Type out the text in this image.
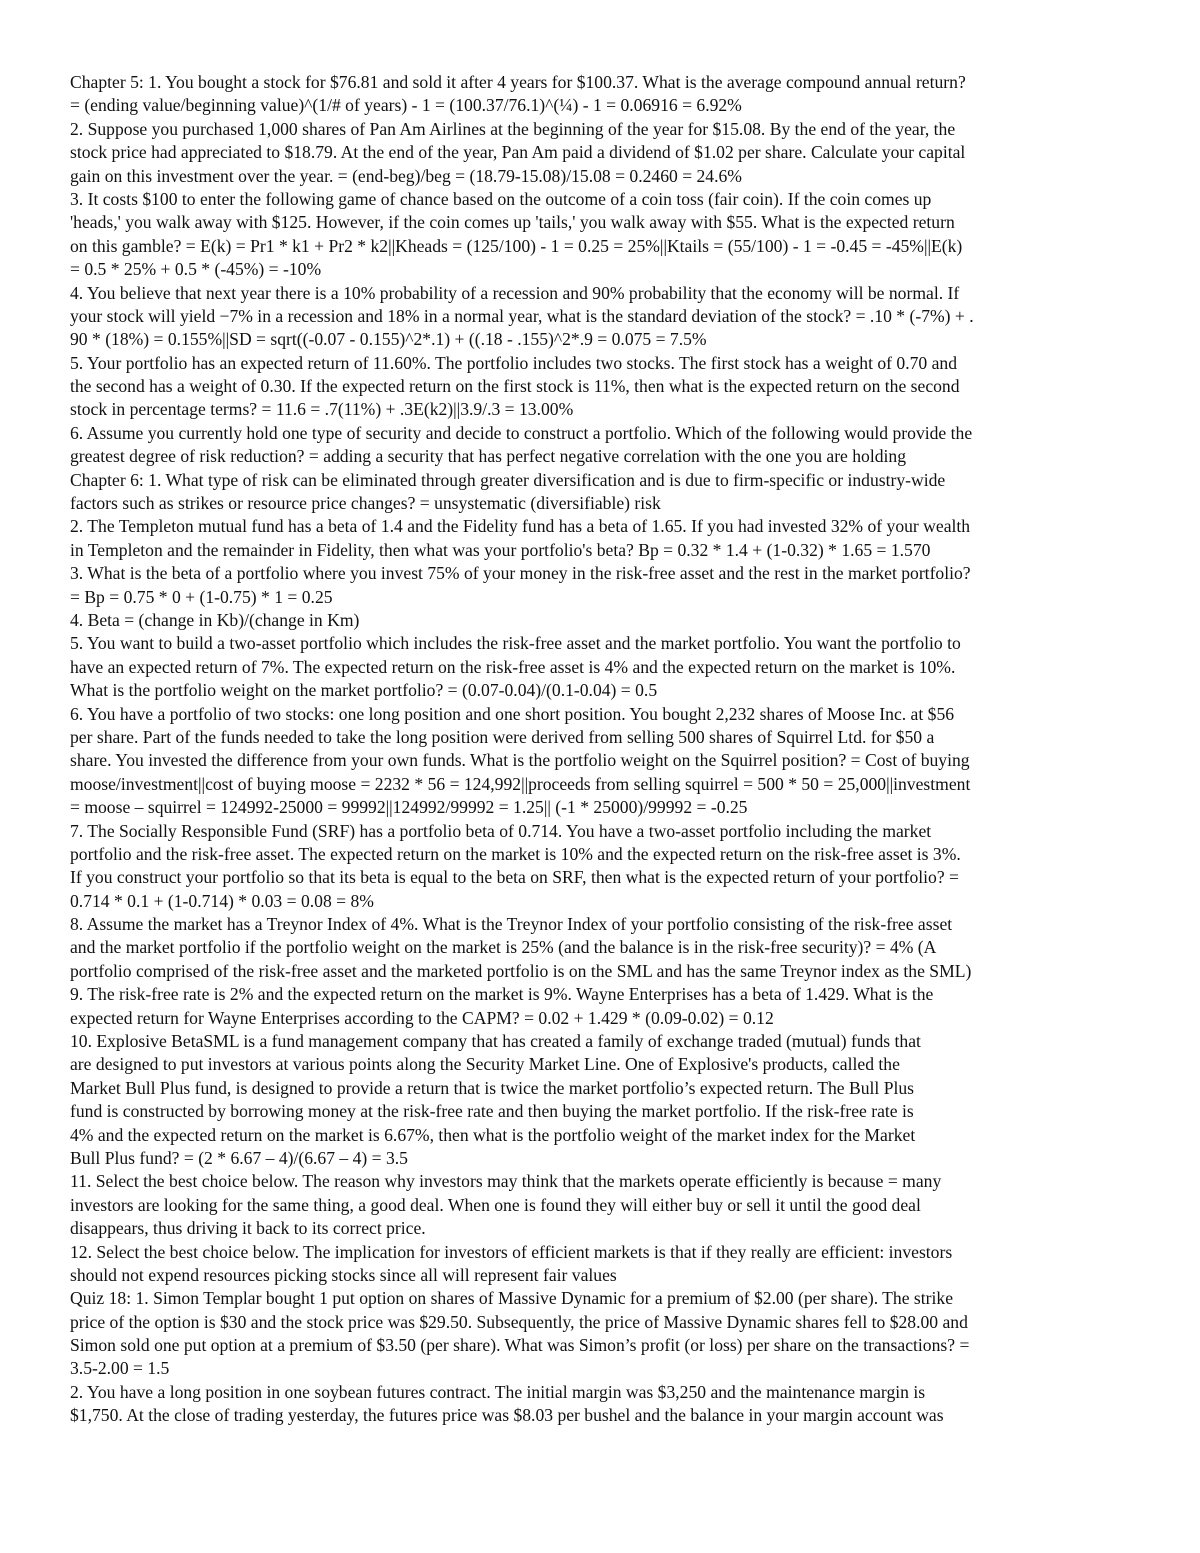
Chapter 5: 1. You bought a stock for $76.81 and sold it after 4 years for $100.37. What is the average compound annual return?
= (ending value/beginning value)^(1/# of years) - 1 = (100.37/76.1)^(¼) - 1 = 0.06916 = 6.92%
2. Suppose you purchased 1,000 shares of Pan Am Airlines at the beginning of the year for $15.08. By the end of the year, the
stock price had appreciated to $18.79. At the end of the year, Pan Am paid a dividend of $1.02 per share. Calculate your capital
gain on this investment over the year. = (end-beg)/beg = (18.79-15.08)/15.08 = 0.2460 = 24.6%
3. It costs $100 to enter the following game of chance based on the outcome of a coin toss (fair coin). If the coin comes up
'heads,' you walk away with $125. However, if the coin comes up 'tails,' you walk away with $55. What is the expected return
on this gamble? = E(k) = Pr1 * k1 + Pr2 * k2||Kheads = (125/100) - 1 = 0.25 = 25%||Ktails = (55/100) - 1 = -0.45 = -45%||E(k)
= 0.5 * 25% + 0.5 * (-45%) = -10%
4. You believe that next year there is a 10% probability of a recession and 90% probability that the economy will be normal. If
your stock will yield −7% in a recession and 18% in a normal year, what is the standard deviation of the stock? = .10 * (-7%) + .
90 * (18%) = 0.155%||SD = sqrt((-0.07 - 0.155)^2*.1) + ((.18 - .155)^2*.9 = 0.075 = 7.5%
5. Your portfolio has an expected return of 11.60%. The portfolio includes two stocks. The first stock has a weight of 0.70 and
the second has a weight of 0.30. If the expected return on the first stock is 11%, then what is the expected return on the second
stock in percentage terms? = 11.6 = .7(11%) + .3E(k2)||3.9/.3 = 13.00%
6. Assume you currently hold one type of security and decide to construct a portfolio. Which of the following would provide the
greatest degree of risk reduction? = adding a security that has perfect negative correlation with the one you are holding
Chapter 6: 1. What type of risk can be eliminated through greater diversification and is due to firm-specific or industry-wide
factors such as strikes or resource price changes? = unsystematic (diversifiable) risk
2. The Templeton mutual fund has a beta of 1.4 and the Fidelity fund has a beta of 1.65. If you had invested 32% of your wealth
in Templeton and the remainder in Fidelity, then what was your portfolio's beta? Bp = 0.32 * 1.4 + (1-0.32) * 1.65 = 1.570
3. What is the beta of a portfolio where you invest 75% of your money in the risk-free asset and the rest in the market portfolio?
= Bp = 0.75 * 0 + (1-0.75) * 1 = 0.25
4. Beta = (change in Kb)/(change in Km)
5. You want to build a two-asset portfolio which includes the risk-free asset and the market portfolio. You want the portfolio to
have an expected return of 7%. The expected return on the risk-free asset is 4% and the expected return on the market is 10%.
What is the portfolio weight on the market portfolio? = (0.07-0.04)/(0.1-0.04) = 0.5
6. You have a portfolio of two stocks: one long position and one short position. You bought 2,232 shares of Moose Inc. at $56
per share. Part of the funds needed to take the long position were derived from selling 500 shares of Squirrel Ltd. for $50 a
share. You invested the difference from your own funds. What is the portfolio weight on the Squirrel position? = Cost of buying
moose/investment||cost of buying moose = 2232 * 56 = 124,992||proceeds from selling squirrel = 500 * 50 = 25,000||investment
= moose – squirrel = 124992-25000 = 99992||124992/99992 = 1.25|| (-1 * 25000)/99992 = -0.25
7. The Socially Responsible Fund (SRF) has a portfolio beta of 0.714. You have a two-asset portfolio including the market
portfolio and the risk-free asset. The expected return on the market is 10% and the expected return on the risk-free asset is 3%.
If you construct your portfolio so that its beta is equal to the beta on SRF, then what is the expected return of your portfolio? =
0.714 * 0.1 + (1-0.714) * 0.03 = 0.08 = 8%
8. Assume the market has a Treynor Index of 4%. What is the Treynor Index of your portfolio consisting of the risk-free asset
and the market portfolio if the portfolio weight on the market is 25% (and the balance is in the risk-free security)? = 4% (A
portfolio comprised of the risk-free asset and the marketed portfolio is on the SML and has the same Treynor index as the SML)
9. The risk-free rate is 2% and the expected return on the market is 9%. Wayne Enterprises has a beta of 1.429. What is the
expected return for Wayne Enterprises according to the CAPM? = 0.02 + 1.429 * (0.09-0.02) = 0.12
10. Explosive BetaSML is a fund management company that has created a family of exchange traded (mutual) funds that
are designed to put investors at various points along the Security Market Line. One of Explosive's products, called the
Market Bull Plus fund, is designed to provide a return that is twice the market portfolio’s expected return. The Bull Plus
fund is constructed by borrowing money at the risk-free rate and then buying the market portfolio. If the risk-free rate is
4% and the expected return on the market is 6.67%, then what is the portfolio weight of the market index for the Market
Bull Plus fund? = (2 * 6.67 – 4)/(6.67 – 4) = 3.5
11. Select the best choice below. The reason why investors may think that the markets operate efficiently is because = many
investors are looking for the same thing, a good deal. When one is found they will either buy or sell it until the good deal
disappears, thus driving it back to its correct price.
12. Select the best choice below. The implication for investors of efficient markets is that if they really are efficient: investors
should not expend resources picking stocks since all will represent fair values
Quiz 18: 1. Simon Templar bought 1 put option on shares of Massive Dynamic for a premium of $2.00 (per share). The strike
price of the option is $30 and the stock price was $29.50. Subsequently, the price of Massive Dynamic shares fell to $28.00 and
Simon sold one put option at a premium of $3.50 (per share). What was Simon’s profit (or loss) per share on the transactions? =
3.5-2.00 = 1.5
2. You have a long position in one soybean futures contract. The initial margin was $3,250 and the maintenance margin is
$1,750. At the close of trading yesterday, the futures price was $8.03 per bushel and the balance in your margin account was
